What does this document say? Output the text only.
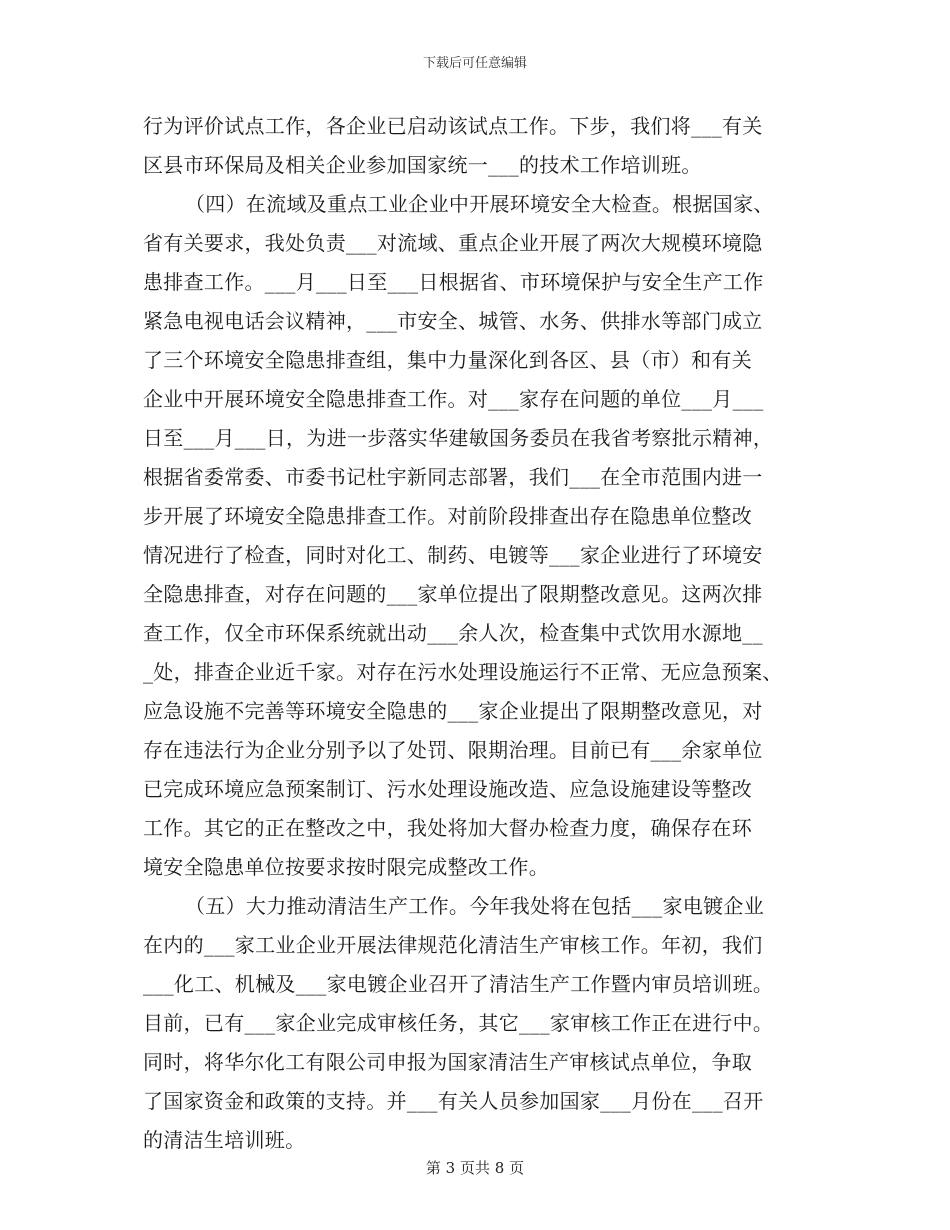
下载后可任意编辑
行为评价试点工作，各企业已启动该试点工作。下步，我们将___有关
区县市环保局及相关企业参加国家统一___的技术工作培训班。
（四）在流域及重点工业企业中开展环境安全大检查。根据国家、
省有关要求，我处负责___对流域、重点企业开展了两次大规模环境隐
患排查工作。___月___日至___日根据省、市环境保护与安全生产工作
紧急电视电话会议精神，___市安全、城管、水务、供排水等部门成立
了三个环境安全隐患排查组，集中力量深化到各区、县（市）和有关
企业中开展环境安全隐患排查工作。对___家存在问题的单位___月___
日至___月___日，为进一步落实华建敏国务委员在我省考察批示精神，
根据省委常委、市委书记杜宇新同志部署，我们___在全市范围内进一
步开展了环境安全隐患排查工作。对前阶段排查出存在隐患单位整改
情况进行了检查，同时对化工、制药、电镀等___家企业进行了环境安
全隐患排查，对存在问题的___家单位提出了限期整改意见。这两次排
查工作，仅全市环保系统就出动___余人次，检查集中式饮用水源地__
_处，排查企业近千家。对存在污水处理设施运行不正常、无应急预案、
应急设施不完善等环境安全隐患的___家企业提出了限期整改意见，对
存在违法行为企业分别予以了处罚、限期治理。目前已有___余家单位
已完成环境应急预案制订、污水处理设施改造、应急设施建设等整改
工作。其它的正在整改之中，我处将加大督办检查力度，确保存在环
境安全隐患单位按要求按时限完成整改工作。
（五）大力推动清洁生产工作。今年我处将在包括___家电镀企业
在内的___家工业企业开展法律规范化清洁生产审核工作。年初，我们
___化工、机械及___家电镀企业召开了清洁生产工作暨内审员培训班。
目前，已有___家企业完成审核任务，其它___家审核工作正在进行中。
同时，将华尔化工有限公司申报为国家清洁生产审核试点单位，争取
了国家资金和政策的支持。并___有关人员参加国家___月份在___召开
的清洁生培训班。
第 3 页共 8 页
